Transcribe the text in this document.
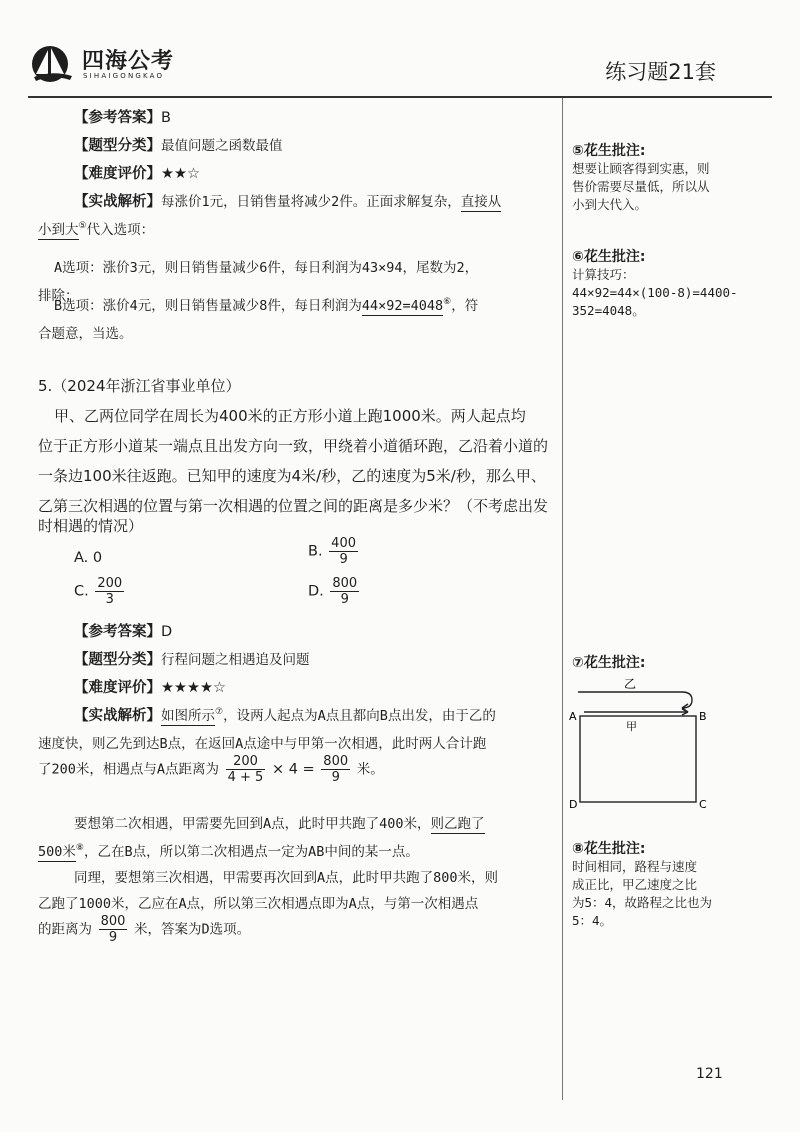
四海公考
SIHAIGONGKAO	练习题21套
【参考答案】B
【题型分类】最值问题之函数最值
【难度评价】★★☆
【实战解析】每涨价1元，日销售量将减少2件。正面求解复杂，直接从
小到大⑤代入选项：
A选项：涨价3元，则日销售量减少6件，每日利润为43×94，尾数为2，
排除；
B选项：涨价4元，则日销售量减少8件，每日利润为44×92=4048⑥，符
合题意，当选。
5.（2024年浙江省事业单位）
甲、乙两位同学在周长为400米的正方形小道上跑1000米。两人起点均
位于正方形小道某一端点且出发方向一致，甲绕着小道循环跑，乙沿着小道的
一条边100米往返跑。已知甲的速度为4米/秒，乙的速度为5米/秒，那么甲、
乙第三次相遇的位置与第一次相遇的位置之间的距离是多少米？（不考虑出发
时相遇的情况）
A. 0	B. $\frac{400}{9}$
C. $\frac{200}{3}$	D. $\frac{800}{9}$
【参考答案】D
【题型分类】行程问题之相遇追及问题
【难度评价】★★★★☆
【实战解析】如图所示⑦，设两人起点为A点且都向B点出发，由于乙的
速度快，则乙先到达B点，在返回A点途中与甲第一次相遇，此时两人合计跑
了200米，相遇点与A点距离为 $\frac{200}{4 + 5} \times 4 = \frac{800}{9}$ 米。
要想第二次相遇，甲需要先回到A点，此时甲共跑了400米，则乙跑了
500米⑧，乙在B点，所以第二次相遇点一定为AB中间的某一点。
同理，要想第三次相遇，甲需要再次回到A点，此时甲共跑了800米，则
乙跑了1000米，乙应在A点，所以第三次相遇点即为A点，与第一次相遇点
的距离为 $\frac{800}{9}$ 米，答案为D选项。
⑤花生批注:
想要让顾客得到实惠，则
售价需要尽量低，所以从
小到大代入。
⑥花生批注:
计算技巧：
44×92=44×(100-8)=4400-
352=4048。
⑦花生批注:
乙
甲
A	B
C
D
⑧花生批注:
时间相同，路程与速度
成正比，甲乙速度之比
为5：4，故路程之比也为
5：4。
121
